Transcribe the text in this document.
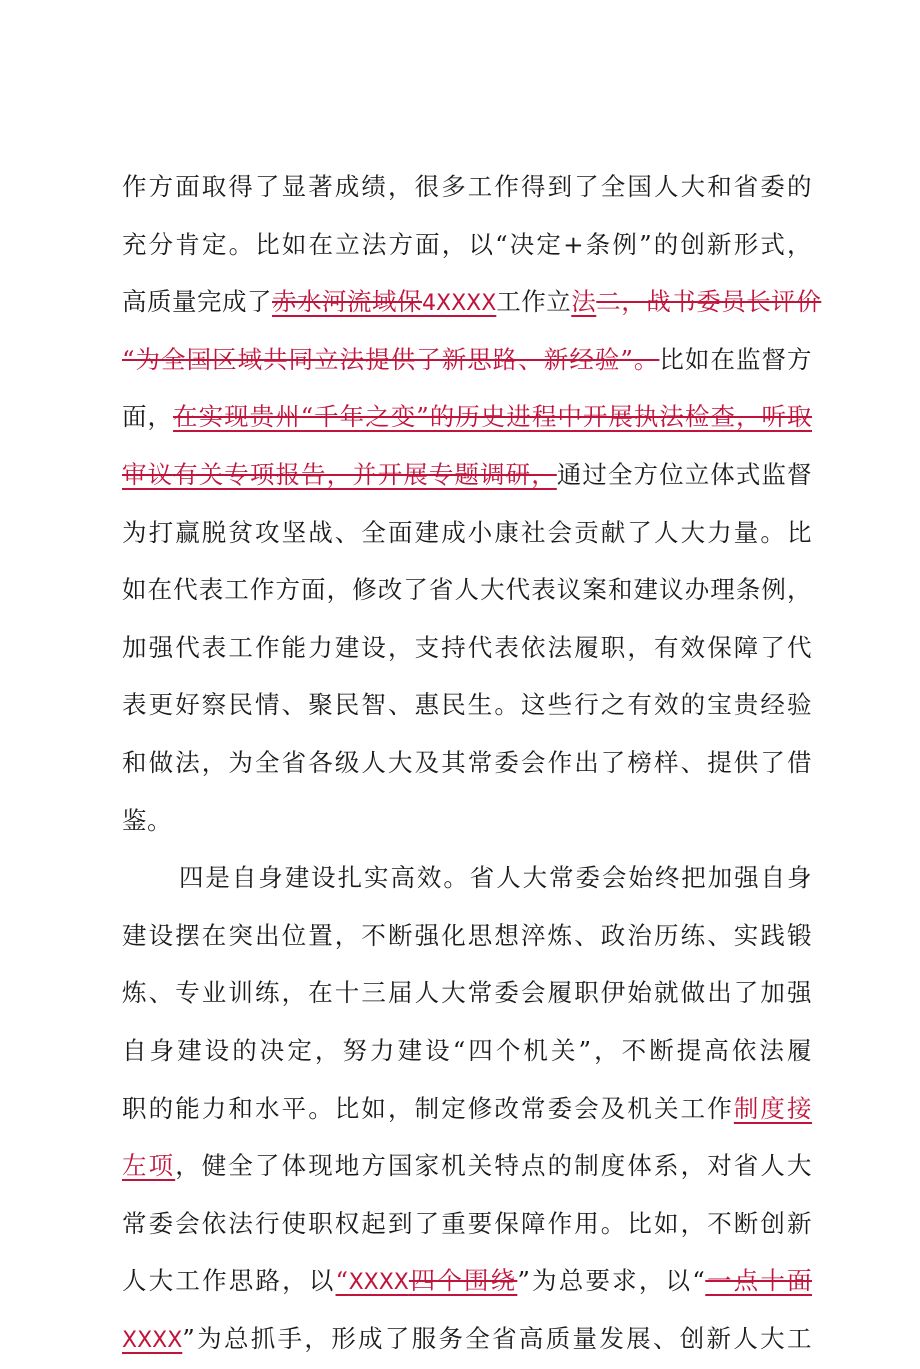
作方面取得了显著成绩，很多工作得到了全国人大和省委的
充分肯定。比如在立法方面，以“决定+条例”的创新形式，
高质量完成了赤水河流域保4XXXX工作立法二，战书委员长评价
“为全国区域共同立法提供了新思路、新经验”。比如在监督方
面，在实现贵州“千年之变”的历史进程中开展执法检查，听取
审议有关专项报告，并开展专题调研，通过全方位立体式监督
为打赢脱贫攻坚战、全面建成小康社会贡献了人大力量。比
如在代表工作方面，修改了省人大代表议案和建议办理条例，
加强代表工作能力建设，支持代表依法履职，有效保障了代
表更好察民情、聚民智、惠民生。这些行之有效的宝贵经验
和做法，为全省各级人大及其常委会作出了榜样、提供了借
鉴。
四是自身建设扎实高效。省人大常委会始终把加强自身
建设摆在突出位置，不断强化思想淬炼、政治历练、实践锻
炼、专业训练，在十三届人大常委会履职伊始就做出了加强
自身建设的决定，努力建设“四个机关”，不断提高依法履
职的能力和水平。比如，制定修改常委会及机关工作制度接
左项，健全了体现地方国家机关特点的制度体系，对省人大
常委会依法行使职权起到了重要保障作用。比如，不断创新
人大工作思路，以“XXXX四个围绕”为总要求，以“一点十面
XXXX”为总抓手，形成了服务全省高质量发展、创新人大工
